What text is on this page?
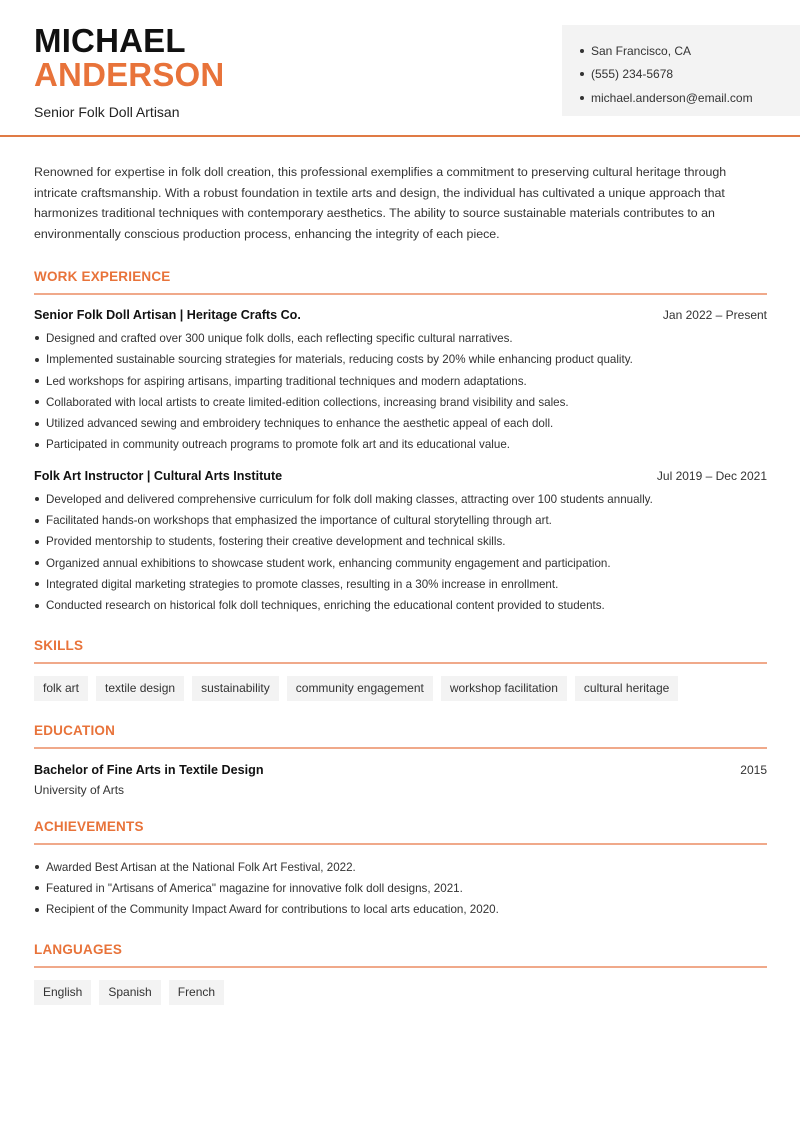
MICHAEL
ANDERSON
Senior Folk Doll Artisan
San Francisco, CA
(555) 234-5678
michael.anderson@email.com

Renowned for expertise in folk doll creation, this professional exemplifies a commitment to preserving cultural heritage through intricate craftsmanship. With a robust foundation in textile arts and design, the individual has cultivated a unique approach that harmonizes traditional techniques with contemporary aesthetics. The ability to source sustainable materials contributes to an environmentally conscious production process, enhancing the integrity of each piece.

WORK EXPERIENCE
Senior Folk Doll Artisan | Heritage Crafts Co.	Jan 2022 – Present
Designed and crafted over 300 unique folk dolls, each reflecting specific cultural narratives.
Implemented sustainable sourcing strategies for materials, reducing costs by 20% while enhancing product quality.
Led workshops for aspiring artisans, imparting traditional techniques and modern adaptations.
Collaborated with local artists to create limited-edition collections, increasing brand visibility and sales.
Utilized advanced sewing and embroidery techniques to enhance the aesthetic appeal of each doll.
Participated in community outreach programs to promote folk art and its educational value.
Folk Art Instructor | Cultural Arts Institute	Jul 2019 – Dec 2021
Developed and delivered comprehensive curriculum for folk doll making classes, attracting over 100 students annually.
Facilitated hands-on workshops that emphasized the importance of cultural storytelling through art.
Provided mentorship to students, fostering their creative development and technical skills.
Organized annual exhibitions to showcase student work, enhancing community engagement and participation.
Integrated digital marketing strategies to promote classes, resulting in a 30% increase in enrollment.
Conducted research on historical folk doll techniques, enriching the educational content provided to students.
SKILLS
folk art	textile design	sustainability	community engagement	workshop facilitation	cultural heritage
EDUCATION
Bachelor of Fine Arts in Textile Design	2015
University of Arts
ACHIEVEMENTS
Awarded Best Artisan at the National Folk Art Festival, 2022.
Featured in "Artisans of America" magazine for innovative folk doll designs, 2021.
Recipient of the Community Impact Award for contributions to local arts education, 2020.
LANGUAGES
English	Spanish	French
